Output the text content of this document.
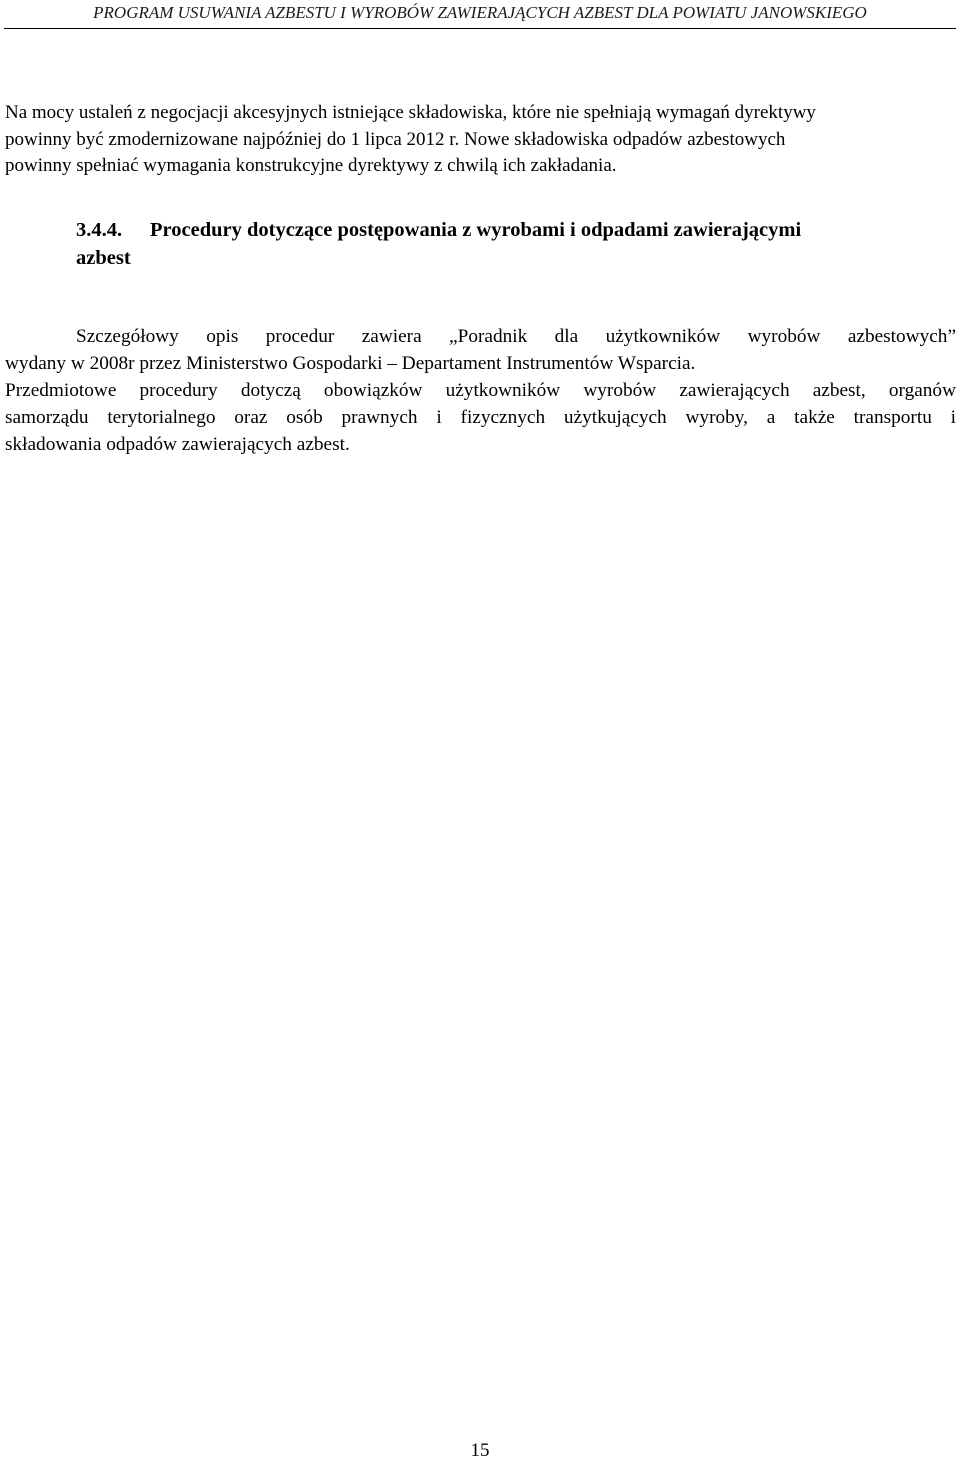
PROGRAM USUWANIA AZBESTU I WYROBÓW ZAWIERAJĄCYCH AZBEST DLA POWIATU JANOWSKIEGO

Na mocy ustaleń z negocjacji akcesyjnych istniejące składowiska, które nie spełniają wymagań dyrektywy
powinny być zmodernizowane najpóźniej do 1 lipca 2012 r. Nowe składowiska odpadów azbestowych
powinny spełniać wymagania konstrukcyjne dyrektywy z chwilą ich zakładania.

3.4.4. Procedury dotyczące postępowania z wyrobami i odpadami zawierającymi
azbest

Szczegółowy opis procedur zawiera „Poradnik dla użytkowników wyrobów azbestowych”
wydany w 2008r przez Ministerstwo Gospodarki – Departament Instrumentów Wsparcia.
Przedmiotowe procedury dotyczą obowiązków użytkowników wyrobów zawierających azbest, organów
samorządu terytorialnego oraz osób prawnych i fizycznych użytkujących wyroby, a także transportu i
składowania odpadów zawierających azbest.

15
